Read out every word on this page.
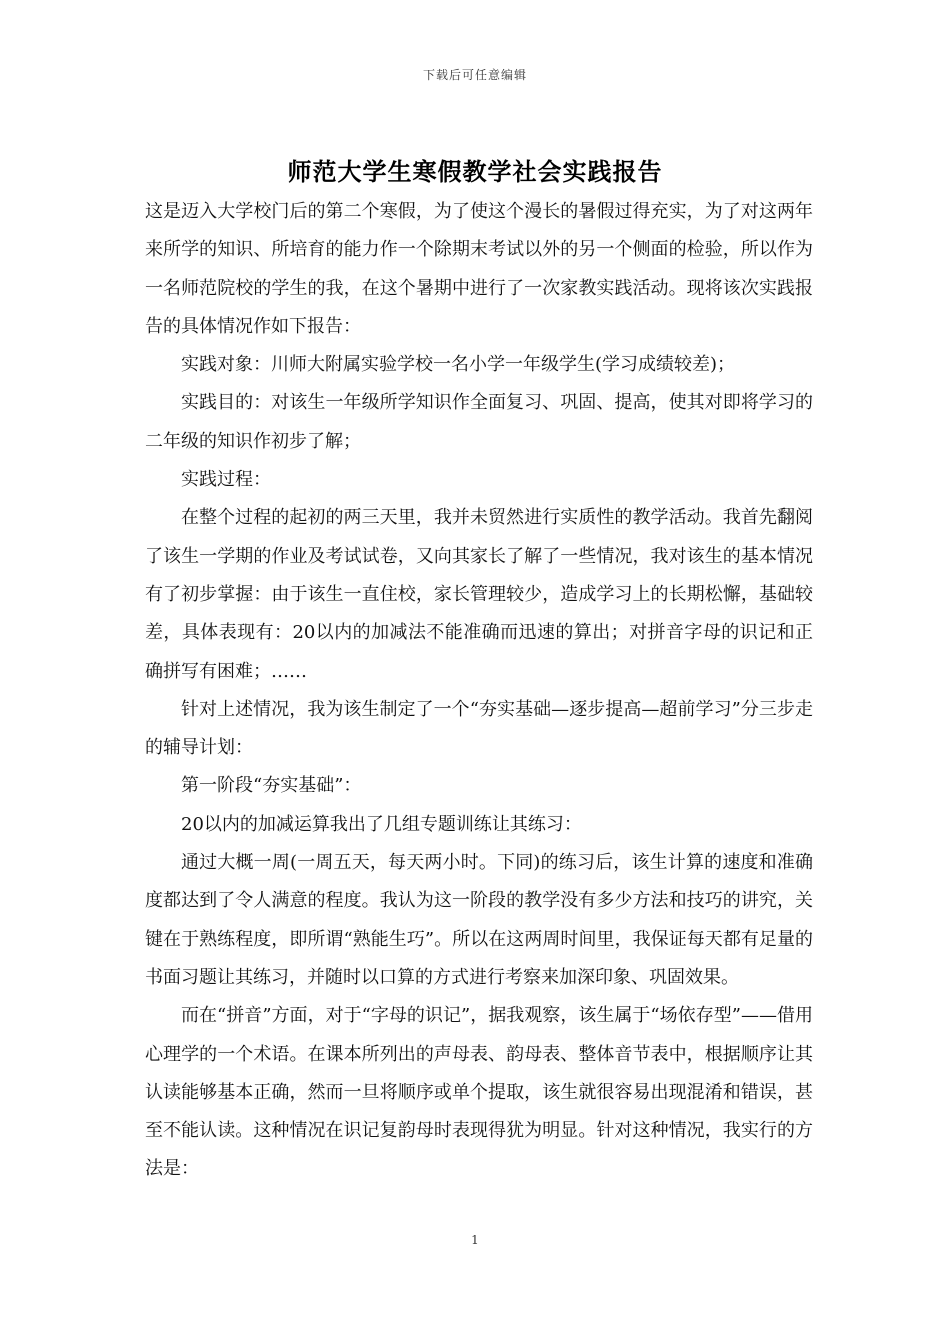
下载后可任意编辑
师范大学生寒假教学社会实践报告

这是迈入大学校门后的第二个寒假，为了使这个漫长的暑假过得充实，为了对这两年来所学的知识、所培育的能力作一个除期末考试以外的另一个侧面的检验，所以作为一名师范院校的学生的我，在这个暑期中进行了一次家教实践活动。现将该次实践报告的具体情况作如下报告：

实践对象：川师大附属实验学校一名小学一年级学生(学习成绩较差)；

实践目的：对该生一年级所学知识作全面复习、巩固、提高，使其对即将学习的二年级的知识作初步了解；

实践过程：

在整个过程的起初的两三天里，我并未贸然进行实质性的教学活动。我首先翻阅了该生一学期的作业及考试试卷，又向其家长了解了一些情况，我对该生的基本情况有了初步掌握：由于该生一直住校，家长管理较少，造成学习上的长期松懈，基础较差，具体表现有：20以内的加减法不能准确而迅速的算出；对拼音字母的识记和正确拼写有困难；……

针对上述情况，我为该生制定了一个“夯实基础—逐步提高—超前学习”分三步走的辅导计划：

第一阶段“夯实基础”：

20以内的加减运算我出了几组专题训练让其练习：

通过大概一周(一周五天，每天两小时。下同)的练习后，该生计算的速度和准确度都达到了令人满意的程度。我认为这一阶段的教学没有多少方法和技巧的讲究，关键在于熟练程度，即所谓“熟能生巧”。所以在这两周时间里，我保证每天都有足量的书面习题让其练习，并随时以口算的方式进行考察来加深印象、巩固效果。

而在“拼音”方面，对于“字母的识记”，据我观察，该生属于“场依存型”——借用心理学的一个术语。在课本所列出的声母表、韵母表、整体音节表中，根据顺序让其认读能够基本正确，然而一旦将顺序或单个提取，该生就很容易出现混淆和错误，甚至不能认读。这种情况在识记复韵母时表现得犹为明显。针对这种情况，我实行的方法是：

1
